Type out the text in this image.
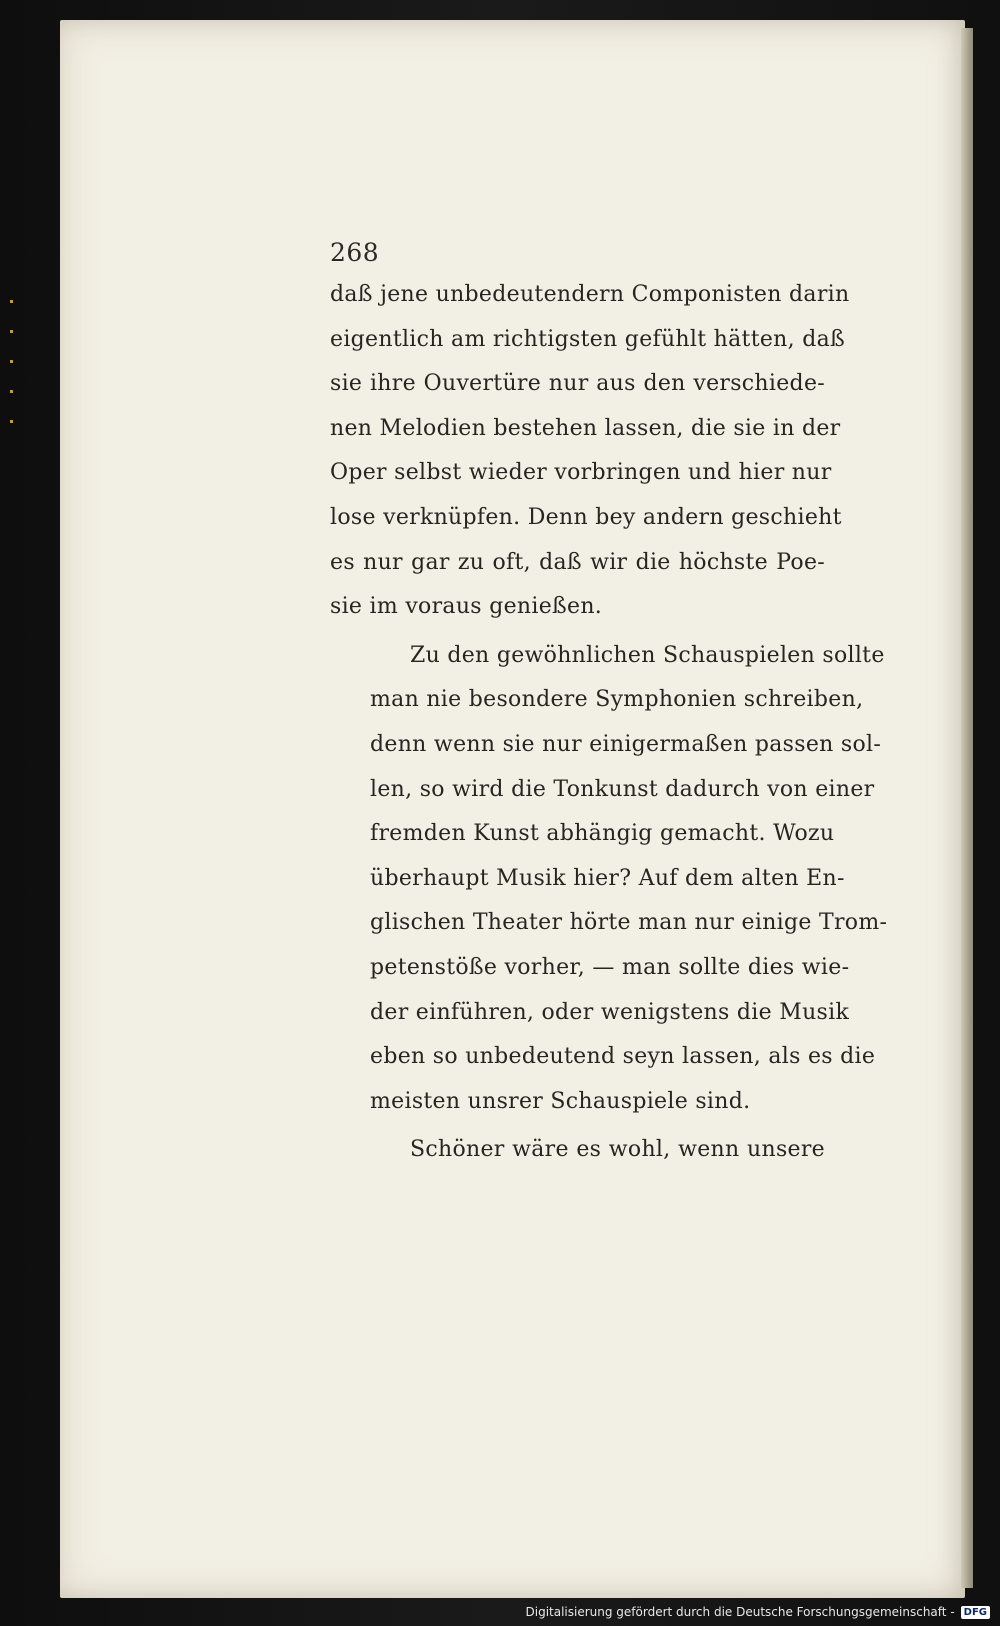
268

daß jene unbedeutendern Componisten darin
eigentlich am richtigsten gefühlt hätten, daß
sie ihre Ouvertüre nur aus den verschiede-
nen Melodien bestehen lassen, die sie in der
Oper selbst wieder vorbringen und hier nur
lose verknüpfen. Denn bey andern geschieht
es nur gar zu oft, daß wir die höchste Poe-
sie im voraus genießen.

Zu den gewöhnlichen Schauspielen sollte
man nie besondere Symphonien schreiben,
denn wenn sie nur einigermaßen passen sol-
len, so wird die Tonkunst dadurch von einer
fremden Kunst abhängig gemacht. Wozu
überhaupt Musik hier? Auf dem alten En-
glischen Theater hörte man nur einige Trom-
petenstöße vorher, — man sollte dies wie-
der einführen, oder wenigstens die Musik
eben so unbedeutend seyn lassen, als es die
meisten unsrer Schauspiele sind.

Schöner wäre es wohl, wenn unsere

Digitalisierung gefördert durch die Deutsche Forschungsgemeinschaft - DFG
